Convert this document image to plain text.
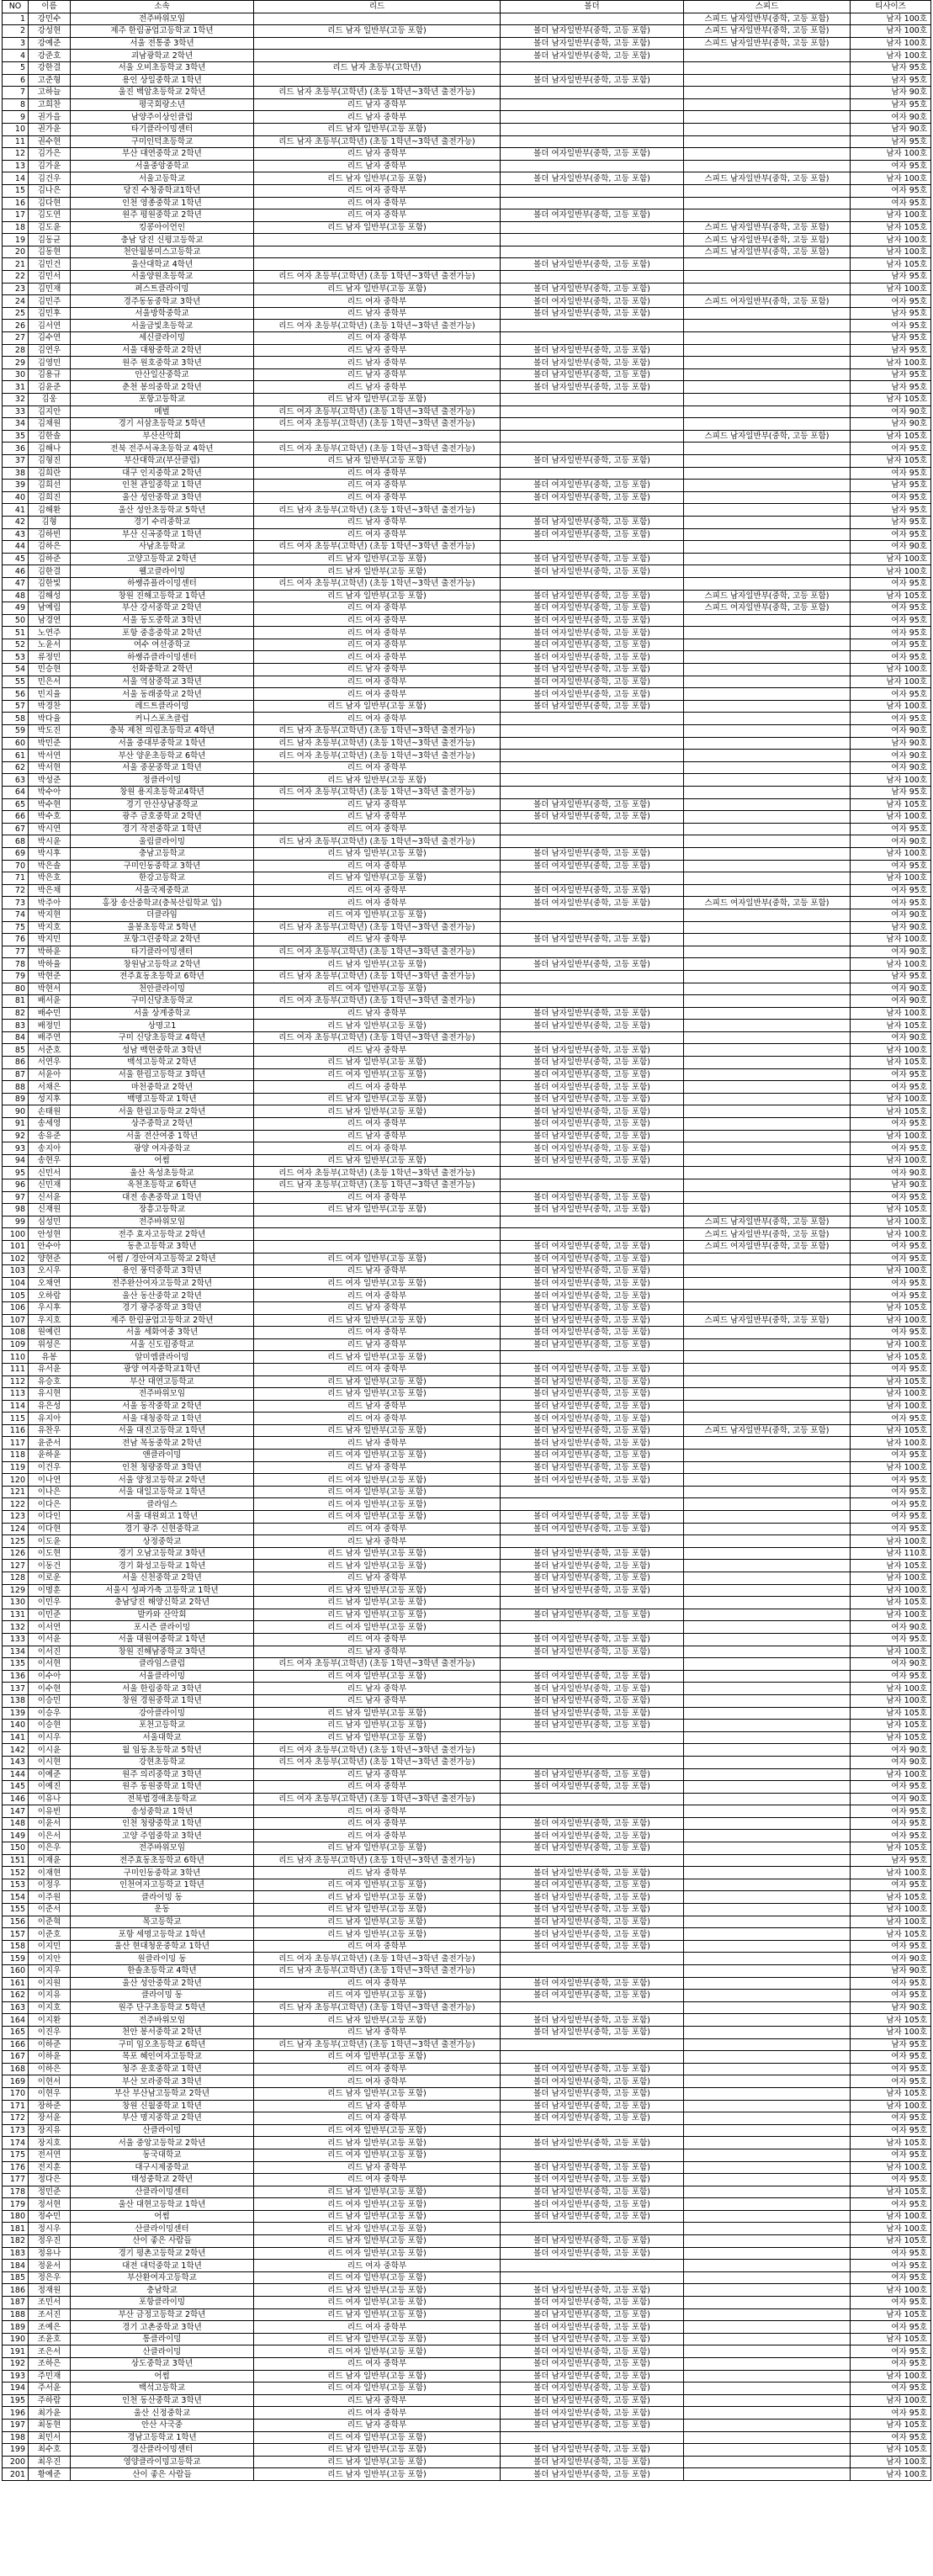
NO	이름	소속	리드	볼더	스피드	티사이즈
1	강민수	전주바위모임			스피드 남자일반부(중학, 고등 포함)	남자 100호
2	강성현	제주 한림공업고등학교 1학년	리드 남자 일반부(고등 포함)	볼더 남자일반부(중학, 고등 포함)	스피드 남자일반부(중학, 고등 포함)	남자 100호
3	강예준	서울 전통중 3학년		볼더 남자일반부(중학, 고등 포함)	스피드 남자일반부(중학, 고등 포함)	남자 100호
4	강준호	괴남광학교 2학년		볼더 남자일반부(중학, 고등 포함)		남자 100호
5	강한결	서울 오비초등학교 3학년	리드 남자 초등부(고학년)			남자 95호
6	고준형	용인 상일중학교 1학년		볼더 남자일반부(중학, 고등 포함)		남자 95호
7	고하늘	울진 백암초등학교 2학년	리드 남자 초등부(고학년) (초등 1학년~3학년 출전가능)			남자 90호
8	고희찬	평국회랑소년	리드 남자 중학부			남자 95호
9	권가을	남양주이상인클럽	리드 남자 중학부			여자 90호
10	권가윤	타기클라이밍센터	리드 남자 일반부(고등 포함)			남자 90호
11	권수현	구미인덕초등학교	리드 남자 초등부(고학년) (초등 1학년~3학년 출전가능)			남자 95호
12	김가은	부산 대연중학교 2학년	리드 남자 중학부	볼더 여자일반부(중학, 고등 포함)		남자 100호
13	김가윤	서울중앙중학교	리드 남자 중학부			여자 95호
14	김건우	서울고등학교	리드 남자 일반부(고등 포함)	볼더 남자일반부(중학, 고등 포함)	스피드 남자일반부(중학, 고등 포함)	남자 100호
15	김나은	당진 수청중학교1학년	리드 여자 중학부			여자 95호
16	김다현	인천 영종중학교 1학년	리드 여자 중학부			여자 95호
17	김도연	원주 평원중학교 2학년	리드 여자 중학부	볼더 여자일반부(중학, 고등 포함)		남자 100호
18	김도윤	킹콩아이언인	리드 남자 일반부(고등 포함)		스피드 남자일반부(중학, 고등 포함)	남자 105호
19	김동균	충남 당진 신평고등학교			스피드 남자일반부(중학, 고등 포함)	남자 100호
20	김동현	천안월봉미스고등학교			스피드 남자일반부(중학, 고등 포함)	남자 100호
21	김민건	울산대학교 4학년		볼더 남자일반부(중학, 고등 포함)		남자 105호
22	김민서	서울양원초등학교	리드 여자 초등부(고학년) (초등 1학년~3학년 출전가능)			남자 95호
23	김민재	퍼스트클라이밍	리드 남자 일반부(고등 포함)	볼더 남자일반부(중학, 고등 포함)		남자 100호
24	김민주	경주동동중학교 3학년	리드 여자 중학부	볼더 여자일반부(중학, 고등 포함)	스피드 여자일반부(중학, 고등 포함)	여자 95호
25	김민후	서울방학중학교	리드 남자 중학부	볼더 남자일반부(중학, 고등 포함)		남자 95호
26	김서연	서울금빛초등학교	리드 여자 초등부(고학년) (초등 1학년~3학년 출전가능)			여자 95호
27	김수연	세신클라이밍	리드 여자 중학부			남자 95호
28	김연우	서울 대왕중학교 2학년	리드 남자 중학부	볼더 남자일반부(중학, 고등 포함)		남자 95호
29	김영민	원주 원호중학교 3학년	리드 남자 중학부	볼더 남자일반부(중학, 고등 포함)		남자 100호
30	김용규	안산일산중학교	리드 남자 중학부	볼더 남자일반부(중학, 고등 포함)		남자 95호
31	김윤준	춘천 봉의중학교 2학년	리드 남자 중학부	볼더 남자일반부(중학, 고등 포함)		남자 95호
32	김웅	포항고등학교	리드 남자 일반부(고등 포함)			남자 105호
33	김지안	메벌	리드 여자 초등부(고학년) (초등 1학년~3학년 출전가능)			여자 90호
34	김채원	경기 서삼초등학교 5학년	리드 여자 초등부(고학년) (초등 1학년~3학년 출전가능)			남자 90호
35	김한솔	부산산악회			스피드 남자일반부(중학, 고등 포함)	남자 105호
36	김해나	전북 전주서곡초등학교 4학년	리드 여자 초등부(고학년) (초등 1학년~3학년 출전가능)			여자 95호
37	김형진	부산대학교(부산클럽)	리드 남자 일반부(고등 포함)	볼더 남자일반부(중학, 고등 포함)		남자 105호
38	김희란	대구 인지중학교 2학년	리드 여자 중학부			여자 95호
39	김희선	인천 관일중학교 1학년	리드 여자 중학부	볼더 여자일반부(중학, 고등 포함)		남자 95호
40	김희진	울산 성안중학교 3학년	리드 여자 중학부	볼더 여자일반부(중학, 고등 포함)		여자 95호
41	김해환	울산 성안초등학교 5학년	리드 남자 초등부(고학년) (초등 1학년~3학년 출전가능)			남자 95호
42	김형	경기 수리중학교	리드 남자 중학부	볼더 남자일반부(중학, 고등 포함)		남자 95호
43	김하빈	부산 신곡중학교 1학년	리드 여자 중학부	볼더 여자일반부(중학, 고등 포함)		여자 95호
44	김하은	사남초등학교	리드 여자 초등부(고학년) (초등 1학년~3학년 출전가능)			여자 90호
45	김하준	고양고등학교 2학년	리드 남자 일반부(고등 포함)	볼더 남자일반부(중학, 고등 포함)		남자 100호
46	김한결	웰고클라이밍	리드 남자 일반부(고등 포함)	볼더 남자일반부(중학, 고등 포함)		남자 100호
47	김한빛	하쌩쥬플라이밍센터	리드 여자 초등부(고학년) (초등 1학년~3학년 출전가능)			여자 95호
48	김해성	창원 진해고등학교 1학년	리드 남자 일반부(고등 포함)	볼더 남자일반부(중학, 고등 포함)	스피드 남자일반부(중학, 고등 포함)	남자 105호
49	남예림	부산 강서중학교 2학년	리드 여자 중학부	볼더 여자일반부(중학, 고등 포함)	스피드 여자일반부(중학, 고등 포함)	여자 95호
50	남경연	서울 동도중학교 3학년	리드 여자 중학부	볼더 여자일반부(중학, 고등 포함)		여자 95호
51	노연주	포항 중흥중학교 2학년	리드 여자 중학부	볼더 여자일반부(중학, 고등 포함)		여자 95호
52	노윤서	여수 여선중학교	리드 여자 중학부	볼더 여자일반부(중학, 고등 포함)		여자 95호
53	류정민	하쌩쥬클라이밍센터	리드 여자 중학부	볼더 여자일반부(중학, 고등 포함)		여자 95호
54	민승현	선화중학교 2학년	리드 남자 중학부	볼더 남자일반부(중학, 고등 포함)		남자 100호
55	민은서	서울 역삼중학교 3학년	리드 여자 중학부	볼더 여자일반부(중학, 고등 포함)		남자 100호
56	민지율	서울 동래중학교 2학년	리드 여자 중학부	볼더 여자일반부(중학, 고등 포함)		여자 95호
57	박경찬	레드트클라이밍	리드 남자 일반부(고등 포함)	볼더 남자일반부(중학, 고등 포함)		남자 100호
58	박다율	커니스포츠클럽	리드 여자 중학부			여자 95호
59	박도진	충북 제천 의림초등학교 4학년	리드 남자 초등부(고학년) (초등 1학년~3학년 출전가능)			여자 90호
60	박민준	서울 중대부중학교 1학년	리드 남자 초등부(고학년) (초등 1학년~3학년 출전가능)			남자 90호
61	박서연	부산 양운초등학교 6학년	리드 여자 초등부(고학년) (초등 1학년~3학년 출전가능)			여자 90호
62	박서현	서울 중문중학교 1학년	리드 여자 중학부			여자 90호
63	박성준	정클라이밍	리드 남자 일반부(고등 포함)			남자 100호
64	박수아	창원 용지초등학교4학년	리드 여자 초등부(고학년) (초등 1학년~3학년 출전가능)			남자 95호
65	박수현	경기 안산상남중학교	리드 남자 중학부	볼더 남자일반부(중학, 고등 포함)		남자 105호
66	박수호	광주 금호중학교 2학년	리드 남자 중학부	볼더 남자일반부(중학, 고등 포함)		남자 100호
67	박시연	경기 작전중학교 1학년	리드 여자 중학부			여자 95호
68	박시윤	울림클라이밍	리드 남자 초등부(고학년) (초등 1학년~3학년 출전가능)			여자 90호
69	박시후	충남고등학교	리드 남자 일반부(고등 포함)	볼더 남자일반부(중학, 고등 포함)		남자 100호
70	박은솔	구미인동중학교 3학년	리드 여자 중학부	볼더 여자일반부(중학, 고등 포함)		여자 95호
71	박은호	한강고등학교	리드 남자 일반부(고등 포함)			남자 100호
72	박은채	서울국제중학교	리드 여자 중학부	볼더 여자일반부(중학, 고등 포함)		여자 95호
73	박주아	홍장 송산중학교(충북산림학교 입)	리드 여자 중학부	볼더 여자일반부(중학, 고등 포함)	스피드 여자일반부(중학, 고등 포함)	여자 95호
74	박지현	더클라임	리드 여자 일반부(고등 포함)			여자 90호
75	박지호	울봉초등학교 5학년	리드 남자 초등부(고학년) (초등 1학년~3학년 출전가능)			남자 90호
76	박지민	포항그린중학교 2학년	리드 남자 중학부	볼더 남자일반부(중학, 고등 포함)		남자 100호
77	박하윤	타기클라이밍센터	리드 여자 초등부(고학년) (초등 1학년~3학년 출전가능)			여자 90호
78	박하율	창원남고등학교 2학년	리드 남자 일반부(고등 포함)	볼더 남자일반부(중학, 고등 포함)		남자 100호
79	박현준	전주효동초등학교 6학년	리드 남자 초등부(고학년) (초등 1학년~3학년 출전가능)			남자 95호
80	박현서	천안클라이밍	리드 여자 일반부(고등 포함)			여자 90호
81	배서윤	구미신당초등학교	리드 여자 초등부(고학년) (초등 1학년~3학년 출전가능)			여자 90호
82	배수민	서울 상계중학교	리드 남자 중학부	볼더 남자일반부(중학, 고등 포함)		남자 100호
83	배정민	상명고1	리드 남자 일반부(고등 포함)	볼더 남자일반부(중학, 고등 포함)		남자 105호
84	배주연	구미 신당초등학교 4학년	리드 여자 초등부(고학년) (초등 1학년~3학년 출전가능)			여자 90호
85	서준호	성남 백현중학교 3학년	리드 남자 중학부	볼더 남자일반부(중학, 고등 포함)		남자 100호
86	서연우	백석고등학교 2학년	리드 남자 일반부(고등 포함)	볼더 남자일반부(중학, 고등 포함)		남자 105호
87	서윤아	서울 한림고등학교 3학년	리드 여자 일반부(고등 포함)	볼더 여자일반부(중학, 고등 포함)		여자 95호
88	서채은	마천중학교 2학년	리드 여자 중학부	볼더 여자일반부(중학, 고등 포함)		여자 95호
89	성지후	백명고등학교 1학년	리드 남자 일반부(고등 포함)	볼더 남자일반부(중학, 고등 포함)		남자 100호
90	손태원	서울 한림고등학교 2학년	리드 남자 일반부(고등 포함)	볼더 남자일반부(중학, 고등 포함)		남자 105호
91	송세영	상주중학교 2학년	리드 여자 중학부	볼더 여자일반부(중학, 고등 포함)		여자 95호
92	송유준	서울 전산여중 1학년	리드 남자 중학부	볼더 남자일반부(중학, 고등 포함)		남자 100호
93	송지아	광양 여자중학교	리드 여자 중학부	볼더 여자일반부(중학, 고등 포함)		여자 95호
94	송현우	어썸	리드 남자 일반부(고등 포함)	볼더 남자일반부(중학, 고등 포함)		남자 100호
95	신민서	울산 옥성초등학교	리드 여자 초등부(고학년) (초등 1학년~3학년 출전가능)			여자 90호
96	신민재	옥천초등학교 6학년	리드 남자 초등부(고학년) (초등 1학년~3학년 출전가능)			남자 90호
97	신서윤	대전 송촌중학교 1학년	리드 여자 중학부	볼더 여자일반부(중학, 고등 포함)		여자 95호
98	신재원	장흥고등학교	리드 남자 일반부(고등 포함)	볼더 남자일반부(중학, 고등 포함)		남자 105호
99	심성민	전주바위모임			스피드 남자일반부(중학, 고등 포함)	남자 100호
100	안성현	전주 효자고등학교 2학년			스피드 남자일반부(중학, 고등 포함)	남자 100호
101	안수아	동춘고등학교 3학년		볼더 여자일반부(중학, 고등 포함)	스피드 여자일반부(중학, 고등 포함)	여자 95호
102	양현준	어썸 / 경안여자고등학교 2학년	리드 여자 일반부(고등 포함)	볼더 여자일반부(중학, 고등 포함)		여자 95호
103	오시우	용인 풍덕중학교 3학년	리드 남자 중학부	볼더 남자일반부(중학, 고등 포함)		남자 100호
104	오채연	전주완산여자고등학교 2학년	리드 여자 일반부(고등 포함)	볼더 여자일반부(중학, 고등 포함)		여자 95호
105	오하람	울산 동산중학교 2학년	리드 여자 중학부	볼더 여자일반부(중학, 고등 포함)		여자 95호
106	우시후	경기 광주중학교 3학년	리드 남자 중학부	볼더 남자일반부(중학, 고등 포함)		남자 105호
107	우지호	제주 한림공업고등학교 2학년	리드 남자 일반부(고등 포함)	볼더 남자일반부(중학, 고등 포함)	스피드 남자일반부(중학, 고등 포함)	남자 100호
108	원예린	서울 세화여중 3학년	리드 여자 중학부	볼더 여자일반부(중학, 고등 포함)		여자 95호
109	위성은	서울 신도림중학교	리드 남자 중학부	볼더 남자일반부(중학, 고등 포함)		남자 100호
110	유봉	알미엠클라이밍	리드 남자 일반부(고등 포함)			남자 105호
111	유서윤	광양 여자중학교1학년	리드 여자 중학부	볼더 여자일반부(중학, 고등 포함)		여자 95호
112	유승호	부산 대연고등학교	리드 남자 일반부(고등 포함)	볼더 남자일반부(중학, 고등 포함)		남자 105호
113	유시현	전주바위모임	리드 남자 일반부(고등 포함)	볼더 남자일반부(중학, 고등 포함)		남자 100호
114	유은성	서울 동작중학교 2학년	리드 남자 중학부	볼더 남자일반부(중학, 고등 포함)		남자 100호
115	유지아	서울 대청중학교 1학년	리드 여자 중학부	볼더 여자일반부(중학, 고등 포함)		여자 95호
116	유찬우	서울 대진고등학교 1학년	리드 남자 일반부(고등 포함)	볼더 남자일반부(중학, 고등 포함)	스피드 남자일반부(중학, 고등 포함)	남자 105호
117	윤준서	전남 목동중학교 2학년	리드 남자 중학부	볼더 남자일반부(중학, 고등 포함)		남자 100호
118	윤하윤	앤클라이밍	리드 여자 일반부(고등 포함)	볼더 여자일반부(중학, 고등 포함)		여자 95호
119	이건우	인천 청량중학교 3학년	리드 남자 중학부	볼더 남자일반부(중학, 고등 포함)		남자 100호
120	이나연	서울 양정고등학교 2학년	리드 여자 일반부(고등 포함)	볼더 여자일반부(중학, 고등 포함)		여자 95호
121	이나은	서울 대일고등학교 1학년	리드 여자 일반부(고등 포함)			여자 95호
122	이다은	클라임스	리드 여자 일반부(고등 포함)			여자 95호
123	이다인	서울 대원외고 1학년	리드 여자 일반부(고등 포함)	볼더 여자일반부(중학, 고등 포함)		여자 95호
124	이다현	경기 광주 신현중학교	리드 여자 중학부	볼더 여자일반부(중학, 고등 포함)		여자 95호
125	이도윤	상정중학교	리드 남자 중학부			남자 100호
126	이도현	경기 오남고등학교 3학년	리드 남자 일반부(고등 포함)	볼더 남자일반부(중학, 고등 포함)		남자 110호
127	이동건	경기 화성고등학교 1학년	리드 남자 일반부(고등 포함)	볼더 남자일반부(중학, 고등 포함)		남자 105호
128	이로운	서울 신천중학교 2학년	리드 남자 중학부	볼더 남자일반부(중학, 고등 포함)		남자 100호
129	이명훈	서울시 성파가축 고등학교 1학년	리드 남자 일반부(고등 포함)	볼더 남자일반부(중학, 고등 포함)		남자 100호
130	이민우	충남당진 해양신학교 2학년	리드 남자 일반부(고등 포함)			남자 105호
131	이민준	발카와 산악회	리드 남자 일반부(고등 포함)	볼더 남자일반부(중학, 고등 포함)		남자 100호
132	이서연	포시즌 클라이밍	리드 여자 일반부(고등 포함)			여자 90호
133	이서윤	서울 대원여중학교 1학년	리드 여자 중학부	볼더 여자일반부(중학, 고등 포함)		여자 95호
134	이서진	창원 진해남중학교 3학년	리드 남자 중학부	볼더 남자일반부(중학, 고등 포함)		남자 100호
135	이서현	클라임스클럽	리드 여자 초등부(고학년) (초등 1학년~3학년 출전가능)			여자 90호
136	이수아	서울클라이밍	리드 여자 일반부(고등 포함)	볼더 여자일반부(중학, 고등 포함)		여자 95호
137	이수현	서울 한림중학교 3학년	리드 남자 중학부	볼더 남자일반부(중학, 고등 포함)		남자 100호
138	이승민	창원 경원중학교 1학년	리드 남자 중학부	볼더 남자일반부(중학, 고등 포함)		남자 100호
139	이승우	강아클라이밍	리드 남자 일반부(고등 포함)	볼더 남자일반부(중학, 고등 포함)		남자 105호
140	이승현	포천고등학교	리드 남자 일반부(고등 포함)	볼더 남자일반부(중학, 고등 포함)		남자 105호
141	이시우	서울대학교	리드 남자 일반부(고등 포함)			남자 105호
142	이시윤	월 임동초등학교 5학년	리드 여자 초등부(고학년) (초등 1학년~3학년 출전가능)			여자 90호
143	이시현	강현초등학교	리드 여자 초등부(고학년) (초등 1학년~3학년 출전가능)			여자 90호
144	이예준	원주 의리중학교 3학년	리드 남자 중학부	볼더 남자일반부(중학, 고등 포함)		남자 100호
145	이예진	원주 동원중학교 1학년	리드 여자 중학부	볼더 여자일반부(중학, 고등 포함)		여자 95호
146	이유나	전북법경애초등학교	리드 여자 초등부(고학년) (초등 1학년~3학년 출전가능)			여자 90호
147	이유빈	송성중학교 1학년	리드 여자 중학부			여자 95호
148	이윤서	인천 청량중학교 1학년	리드 여자 중학부	볼더 여자일반부(중학, 고등 포함)		여자 95호
149	이은서	고양 주엽중학교 3학년	리드 여자 중학부	볼더 여자일반부(중학, 고등 포함)		여자 95호
150	이은우	전주바위모임	리드 남자 일반부(고등 포함)	볼더 남자일반부(중학, 고등 포함)		남자 105호
151	이재윤	전주효동초등학교 6학년	리드 남자 초등부(고학년) (초등 1학년~3학년 출전가능)			남자 95호
152	이재현	구미인동중학교 3학년	리드 남자 중학부	볼더 남자일반부(중학, 고등 포함)		남자 100호
153	이정우	인천여자고등학교 1학년	리드 여자 일반부(고등 포함)	볼더 여자일반부(중학, 고등 포함)		여자 95호
154	이주원	클라이밍 동	리드 남자 일반부(고등 포함)	볼더 남자일반부(중학, 고등 포함)		남자 105호
155	이준서	운동	리드 남자 일반부(고등 포함)	볼더 남자일반부(중학, 고등 포함)		남자 100호
156	이준혁	목고등학교	리드 남자 일반부(고등 포함)	볼더 남자일반부(중학, 고등 포함)		남자 100호
157	이준호	포항 세명고등학교 1학년	리드 남자 일반부(고등 포함)	볼더 남자일반부(중학, 고등 포함)		남자 105호
158	이지민	울산 현대청운중학교 1학년	리드 여자 중학부	볼더 여자일반부(중학, 고등 포함)		여자 95호
159	이지안	원클라이밍 동	리드 여자 초등부(고학년) (초등 1학년~3학년 출전가능)			여자 90호
160	이지우	한솔초등학교 4학년	리드 남자 초등부(고학년) (초등 1학년~3학년 출전가능)			남자 90호
161	이지원	울산 성안중학교 2학년	리드 여자 중학부	볼더 여자일반부(중학, 고등 포함)		여자 95호
162	이지유	클라이밍 동	리드 여자 일반부(고등 포함)	볼더 여자일반부(중학, 고등 포함)		여자 95호
163	이지호	원주 단구초등학교 5학년	리드 남자 초등부(고학년) (초등 1학년~3학년 출전가능)			남자 90호
164	이지환	전주바위모임	리드 남자 일반부(고등 포함)	볼더 남자일반부(중학, 고등 포함)		남자 105호
165	이진우	천안 봉서중학교 2학년	리드 남자 중학부	볼더 남자일반부(중학, 고등 포함)		남자 100호
166	이하준	구미 임오초등학교 6학년	리드 남자 초등부(고학년) (초등 1학년~3학년 출전가능)			남자 95호
167	이하윤	목포 혜인여자고등학교	리드 여자 일반부(고등 포함)			여자 95호
168	이하은	청주 운호중학교 1학년	리드 여자 중학부	볼더 여자일반부(중학, 고등 포함)		여자 95호
169	이현서	부산 모라중학교 3학년	리드 여자 중학부	볼더 여자일반부(중학, 고등 포함)		여자 95호
170	이현우	부산 부산남고등학교 2학년	리드 남자 일반부(고등 포함)	볼더 남자일반부(중학, 고등 포함)		남자 105호
171	장하준	창원 신월중학교 1학년	리드 남자 중학부	볼더 남자일반부(중학, 고등 포함)		남자 100호
172	장서윤	부산 명지중학교 2학년	리드 여자 중학부	볼더 여자일반부(중학, 고등 포함)		여자 95호
173	장지유	산클라이밍	리드 여자 일반부(고등 포함)			여자 95호
174	장지호	서울 중앙고등학교 2학년	리드 남자 일반부(고등 포함)	볼더 남자일반부(중학, 고등 포함)		남자 105호
175	전서연	동국대학교	리드 여자 일반부(고등 포함)			여자 95호
176	전지훈	대구시제중학교	리드 남자 중학부	볼더 남자일반부(중학, 고등 포함)		남자 100호
177	정다은	태성중학교 2학년	리드 여자 중학부	볼더 여자일반부(중학, 고등 포함)		여자 95호
178	정민준	산클라이밍센터	리드 남자 일반부(고등 포함)	볼더 남자일반부(중학, 고등 포함)		남자 105호
179	정서현	울산 대현고등학교 1학년	리드 여자 일반부(고등 포함)	볼더 여자일반부(중학, 고등 포함)		여자 95호
180	정수민	어썸	리드 남자 일반부(고등 포함)	볼더 남자일반부(중학, 고등 포함)		남자 100호
181	정시우	산클라이밍센터	리드 남자 일반부(고등 포함)			남자 100호
182	정우진	산이 좋은 사람들	리드 남자 일반부(고등 포함)	볼더 남자일반부(중학, 고등 포함)		남자 105호
183	정유나	경기 평촌고등학교 2학년	리드 여자 일반부(고등 포함)	볼더 여자일반부(중학, 고등 포함)		여자 95호
184	정윤서	대전 대덕중학교 1학년	리드 여자 중학부			여자 95호
185	정은우	부산환여자고등학교	리드 여자 일반부(고등 포함)			여자 95호
186	정재원	충남학교	리드 남자 일반부(고등 포함)	볼더 남자일반부(중학, 고등 포함)		남자 100호
187	조민서	포항클라이밍	리드 여자 일반부(고등 포함)	볼더 여자일반부(중학, 고등 포함)		여자 95호
188	조서진	부산 금정고등학교 2학년	리드 남자 일반부(고등 포함)	볼더 남자일반부(중학, 고등 포함)		남자 105호
189	조예은	경기 고촌중학교 3학년	리드 여자 중학부	볼더 여자일반부(중학, 고등 포함)		여자 95호
190	조윤호	통클라이밍	리드 남자 일반부(고등 포함)	볼더 남자일반부(중학, 고등 포함)		남자 105호
191	조은서	산클라이밍	리드 여자 일반부(고등 포함)	볼더 여자일반부(중학, 고등 포함)		여자 95호
192	조하은	상도중학교 3학년	리드 여자 중학부	볼더 여자일반부(중학, 고등 포함)		여자 95호
193	주민재	어썸	리드 남자 일반부(고등 포함)	볼더 남자일반부(중학, 고등 포함)		남자 100호
194	주서윤	백석고등학교	리드 여자 일반부(고등 포함)	볼더 여자일반부(중학, 고등 포함)		여자 95호
195	주하람	인천 동산중학교 3학년	리드 남자 중학부	볼더 남자일반부(중학, 고등 포함)		남자 100호
196	최가윤	울산 신정중학교	리드 여자 중학부	볼더 여자일반부(중학, 고등 포함)		여자 95호
197	최동현	안산 사국중	리드 남자 중학부	볼더 남자일반부(중학, 고등 포함)		남자 105호
198	최민서	경남고등학교 1학년	리드 여자 일반부(고등 포함)			여자 95호
199	최수호	경산클라이밍센터	리드 남자 일반부(고등 포함)	볼더 남자일반부(중학, 고등 포함)		남자 105호
200	최우진	영양클라이밍고등학교	리드 남자 일반부(고등 포함)	볼더 남자일반부(중학, 고등 포함)		남자 100호
201	황예준	산이 좋은 사람들	리드 남자 일반부(고등 포함)	볼더 남자일반부(중학, 고등 포함)		남자 100호
